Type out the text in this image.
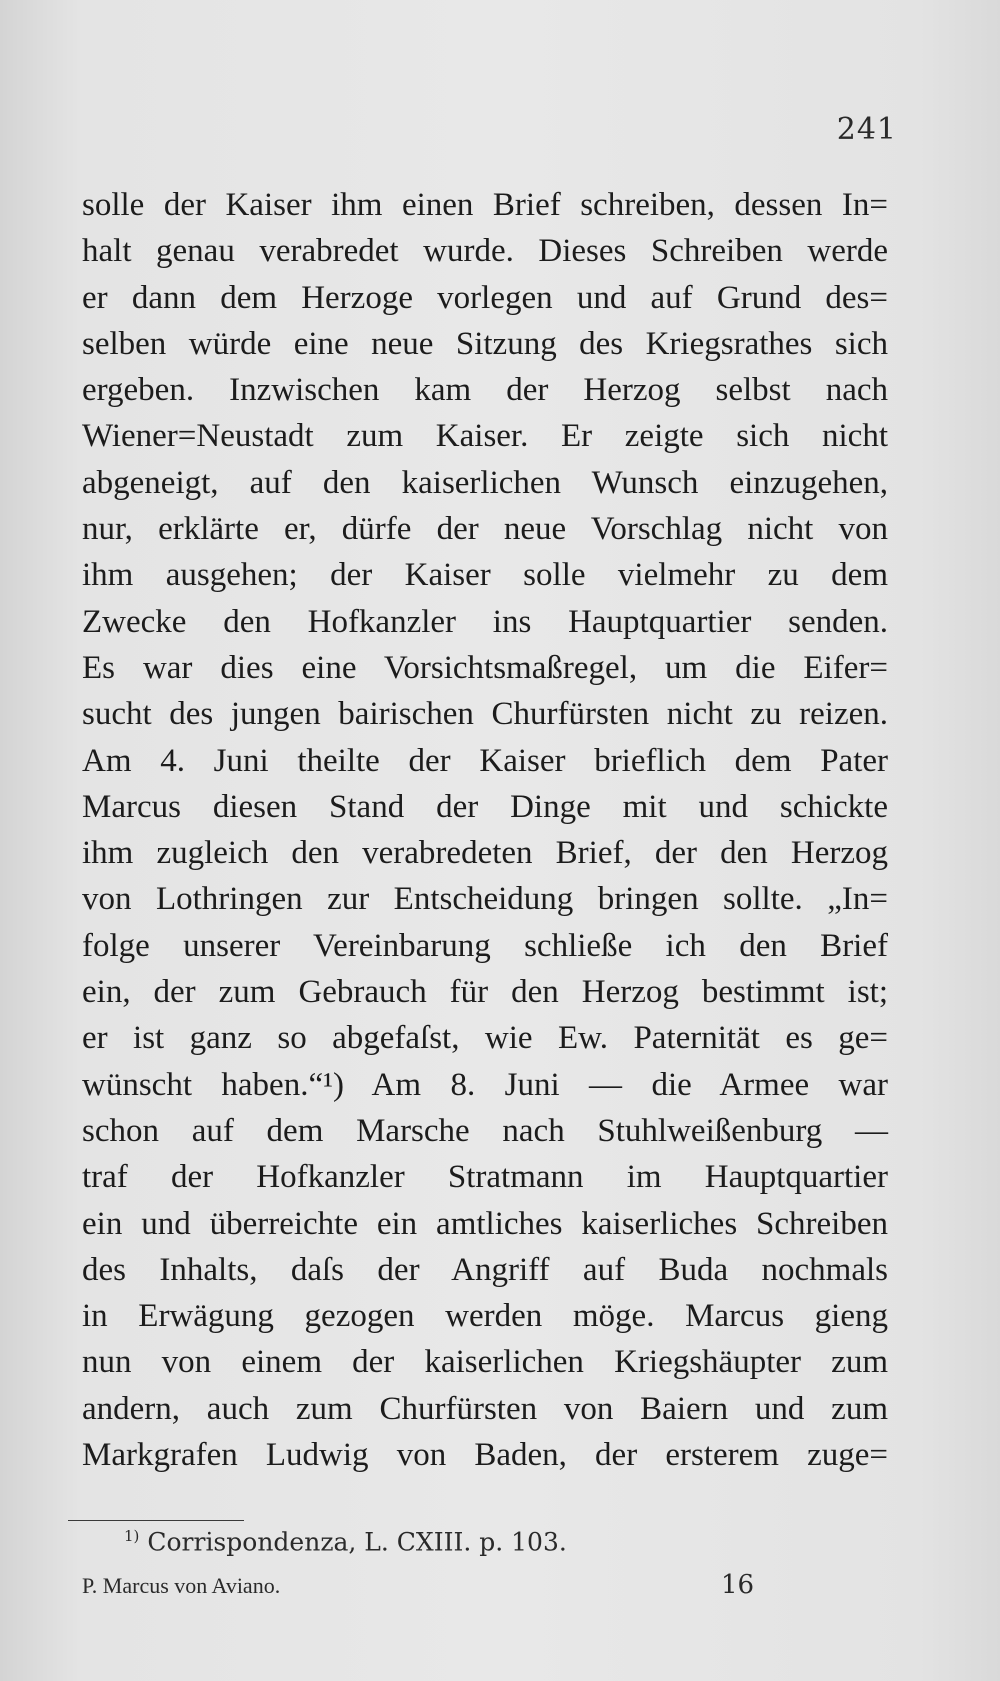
241
solle der Kaiser ihm einen Brief schreiben, dessen In=
halt genau verabredet wurde. Dieses Schreiben werde
er dann dem Herzoge vorlegen und auf Grund des=
selben würde eine neue Sitzung des Kriegsrathes sich
ergeben. Inzwischen kam der Herzog selbst nach
Wiener=Neustadt zum Kaiser. Er zeigte sich nicht
abgeneigt, auf den kaiserlichen Wunsch einzugehen,
nur, erklärte er, dürfe der neue Vorschlag nicht von
ihm ausgehen; der Kaiser solle vielmehr zu dem
Zwecke den Hofkanzler ins Hauptquartier senden.
Es war dies eine Vorsichtsmaßregel, um die Eifer=
sucht des jungen bairischen Churfürsten nicht zu reizen.
Am 4. Juni theilte der Kaiser brieflich dem Pater
Marcus diesen Stand der Dinge mit und schickte
ihm zugleich den verabredeten Brief, der den Herzog
von Lothringen zur Entscheidung bringen sollte. „In=
folge unserer Vereinbarung schließe ich den Brief
ein, der zum Gebrauch für den Herzog bestimmt ist;
er ist ganz so abgefaſst, wie Ew. Paternität es ge=
wünscht haben.“¹) Am 8. Juni — die Armee war
schon auf dem Marsche nach Stuhlweißenburg —
traf der Hofkanzler Stratmann im Hauptquartier
ein und überreichte ein amtliches kaiserliches Schreiben
des Inhalts, daſs der Angriff auf Buda nochmals
in Erwägung gezogen werden möge. Marcus gieng
nun von einem der kaiserlichen Kriegshäupter zum
andern, auch zum Churfürsten von Baiern und zum
Markgrafen Ludwig von Baden, der ersterem zuge=
$^{1)}$ Corrispondenza, L. CXIII. p. 103.
P. Marcus von Aviano.	16
